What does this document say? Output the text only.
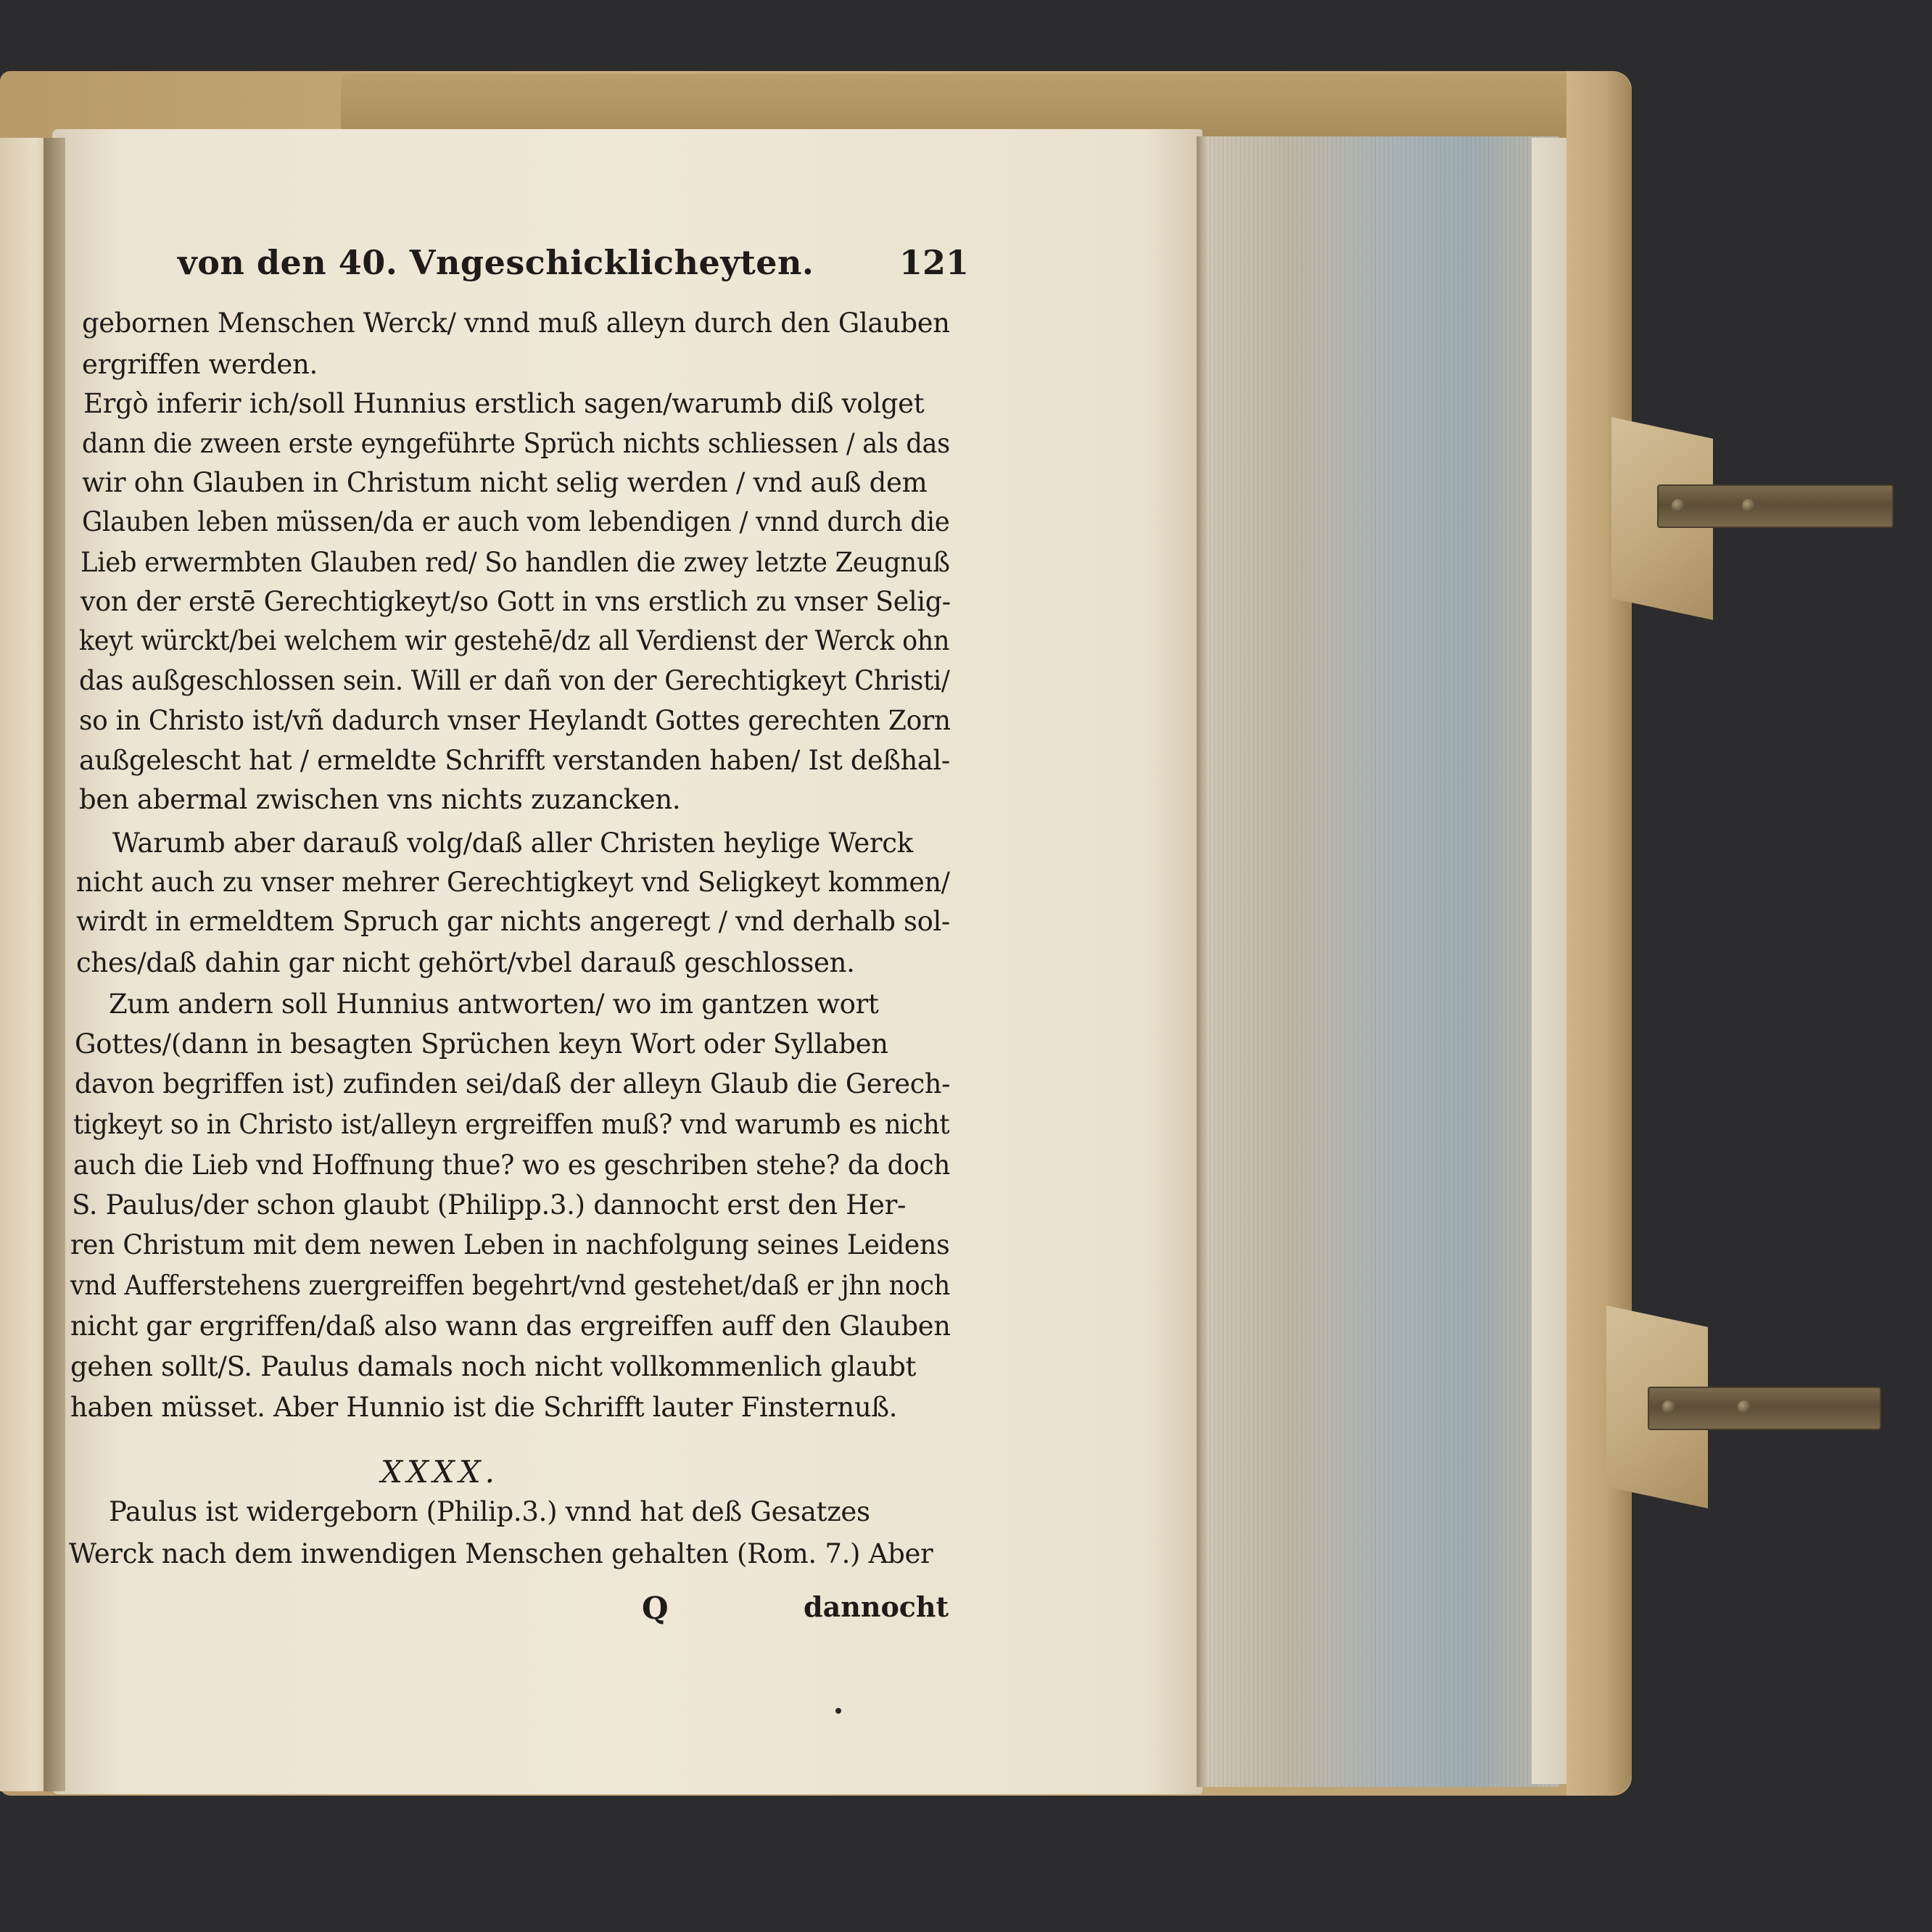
von den 40. Vngeschicklicheyten.	121
gebornen Menschen Werck/ vnnd muß alleyn durch den Glauben
ergriffen werden.
Ergò inferir ich/soll Hunnius erstlich sagen/warumb diß volget
dann die zween erste eyngeführte Sprüch nichts schliessen / als das
wir ohn Glauben in Christum nicht selig werden / vnd auß dem
Glauben leben müssen/da er auch vom lebendigen / vnnd durch die
Lieb erwermbten Glauben red/ So handlen die zwey letzte Zeugnuß
von der erstē Gerechtigkeyt/so Gott in vns erstlich zu vnser Selig-
keyt würckt/bei welchem wir gestehē/dz all Verdienst der Werck ohn
das außgeschlossen sein. Will er dañ von der Gerechtigkeyt Christi/
so in Christo ist/vñ dadurch vnser Heylandt Gottes gerechten Zorn
außgelescht hat / ermeldte Schrifft verstanden haben/ Ist deßhal-
ben abermal zwischen vns nichts zuzancken.
Warumb aber darauß volg/daß aller Christen heylige Werck
nicht auch zu vnser mehrer Gerechtigkeyt vnd Seligkeyt kommen/
wirdt in ermeldtem Spruch gar nichts angeregt / vnd derhalb sol-
ches/daß dahin gar nicht gehört/vbel darauß geschlossen.
Zum andern soll Hunnius antworten/ wo im gantzen wort
Gottes/(dann in besagten Sprüchen keyn Wort oder Syllaben
davon begriffen ist) zufinden sei/daß der alleyn Glaub die Gerech-
tigkeyt so in Christo ist/alleyn ergreiffen muß? vnd warumb es nicht
auch die Lieb vnd Hoffnung thue? wo es geschriben stehe? da doch
S. Paulus/der schon glaubt (Philipp.3.) dannocht erst den Her-
ren Christum mit dem newen Leben in nachfolgung seines Leidens
vnd Aufferstehens zuergreiffen begehrt/vnd gestehet/daß er jhn noch
nicht gar ergriffen/daß also wann das ergreiffen auff den Glauben
gehen sollt/S. Paulus damals noch nicht vollkommenlich glaubt
haben müsset. Aber Hunnio ist die Schrifft lauter Finsternuß.
XXXX.
Paulus ist widergeborn (Philip.3.) vnnd hat deß Gesatzes
Werck nach dem inwendigen Menschen gehalten (Rom. 7.) Aber
Q	dannocht
